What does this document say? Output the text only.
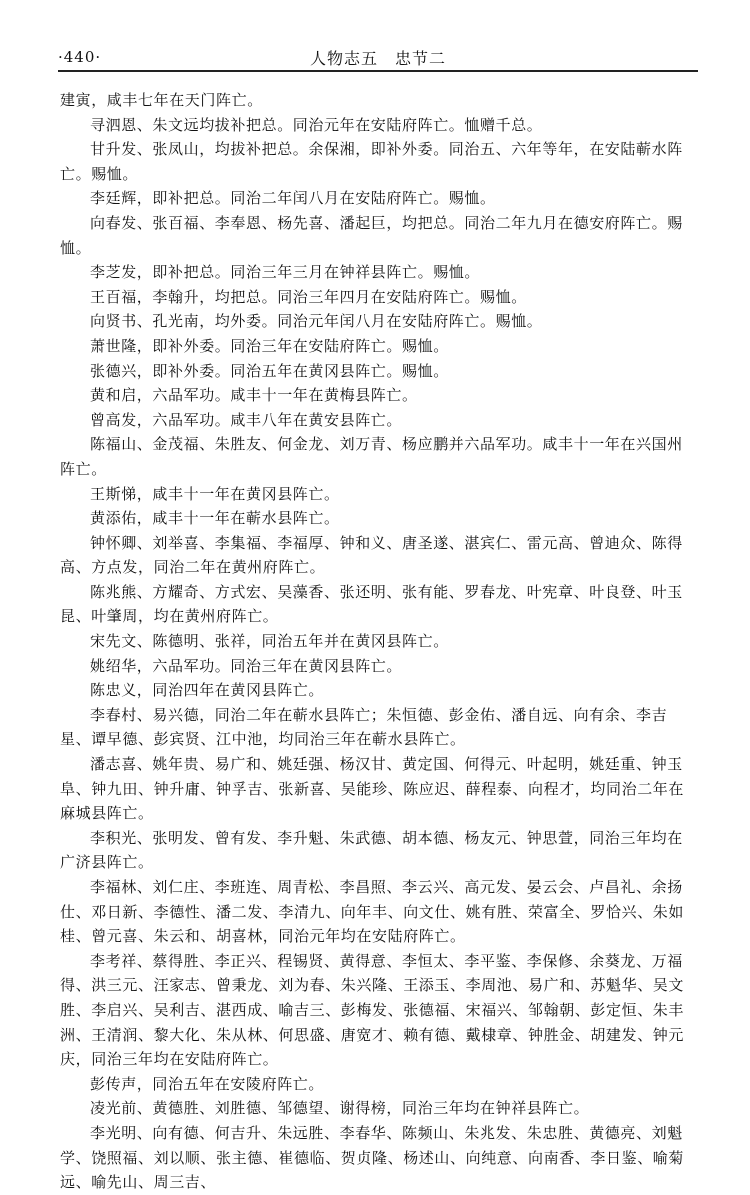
·440·	人物志五　忠节二

建寅，咸丰七年在天门阵亡。

寻泗恩、朱文远均拔补把总。同治元年在安陆府阵亡。恤赠千总。

甘升发、张凤山，均拔补把总。余保湘，即补外委。同治五、六年等年，在安陆蕲水阵亡。赐恤。

李廷辉，即补把总。同治二年闰八月在安陆府阵亡。赐恤。

向春发、张百福、李奉恩、杨先喜、潘起巨，均把总。同治二年九月在德安府阵亡。赐恤。

李芝发，即补把总。同治三年三月在钟祥县阵亡。赐恤。

王百福，李翰升，均把总。同治三年四月在安陆府阵亡。赐恤。

向贤书、孔光南，均外委。同治元年闰八月在安陆府阵亡。赐恤。

萧世隆，即补外委。同治三年在安陆府阵亡。赐恤。

张德兴，即补外委。同治五年在黄冈县阵亡。赐恤。

黄和启，六品军功。咸丰十一年在黄梅县阵亡。

曾高发，六品军功。咸丰八年在黄安县阵亡。

陈福山、金茂福、朱胜友、何金龙、刘万青、杨应鹏并六品军功。咸丰十一年在兴国州阵亡。

王斯悌，咸丰十一年在黄冈县阵亡。

黄添佑，咸丰十一年在蕲水县阵亡。

钟怀卿、刘举喜、李集福、李福厚、钟和义、唐圣遂、湛宾仁、雷元高、曾迪众、陈得高、方点发，同治二年在黄州府阵亡。

陈兆熊、方耀奇、方式宏、吴藻香、张还明、张有能、罗春龙、叶宪章、叶良登、叶玉昆、叶肇周，均在黄州府阵亡。

宋先文、陈德明、张祥，同治五年并在黄冈县阵亡。

姚绍华，六品军功。同治三年在黄冈县阵亡。

陈忠义，同治四年在黄冈县阵亡。

李春村、易兴德，同治二年在蕲水县阵亡；朱恒德、彭金佑、潘自远、向有余、李吉星、谭早德、彭宾贤、江中池，均同治三年在蕲水县阵亡。

潘志喜、姚年贵、易广和、姚廷强、杨汉甘、黄定国、何得元、叶起明，姚廷重、钟玉阜、钟九田、钟升庸、钟孚吉、张新喜、吴能珍、陈应迟、薛程泰、向程才，均同治二年在麻城县阵亡。

李积光、张明发、曾有发、李升魁、朱武德、胡本德、杨友元、钟思萱，同治三年均在广济县阵亡。

李福林、刘仁庄、李班连、周青松、李昌照、李云兴、高元发、晏云会、卢昌礼、余扬仕、邓日新、李德性、潘二发、李清九、向年丰、向文仕、姚有胜、荣富全、罗恰兴、朱如桂、曾元喜、朱云和、胡喜林，同治元年均在安陆府阵亡。

李考祥、蔡得胜、李正兴、程锡贤、黄得意、李恒太、李平鉴、李保修、余葵龙、万福得、洪三元、汪家志、曾秉龙、刘为春、朱兴隆、王添玉、李周池、易广和、苏魁华、吴文胜、李启兴、吴利吉、湛西成、喻吉三、彭梅发、张德福、宋福兴、邹翰朝、彭定恒、朱丰洲、王清润、黎大化、朱从林、何思盛、唐宽才、赖有德、戴棣章、钟胜金、胡建发、钟元庆，同治三年均在安陆府阵亡。

彭传声，同治五年在安陵府阵亡。

凌光前、黄德胜、刘胜德、邹德望、谢得榜，同治三年均在钟祥县阵亡。

李光明、向有德、何吉升、朱远胜、李春华、陈频山、朱兆发、朱忠胜、黄德亮、刘魁学、饶照福、刘以顺、张主德、崔德临、贺贞隆、杨述山、向纯意、向南香、李日鉴、喻菊远、喻先山、周三吉、
